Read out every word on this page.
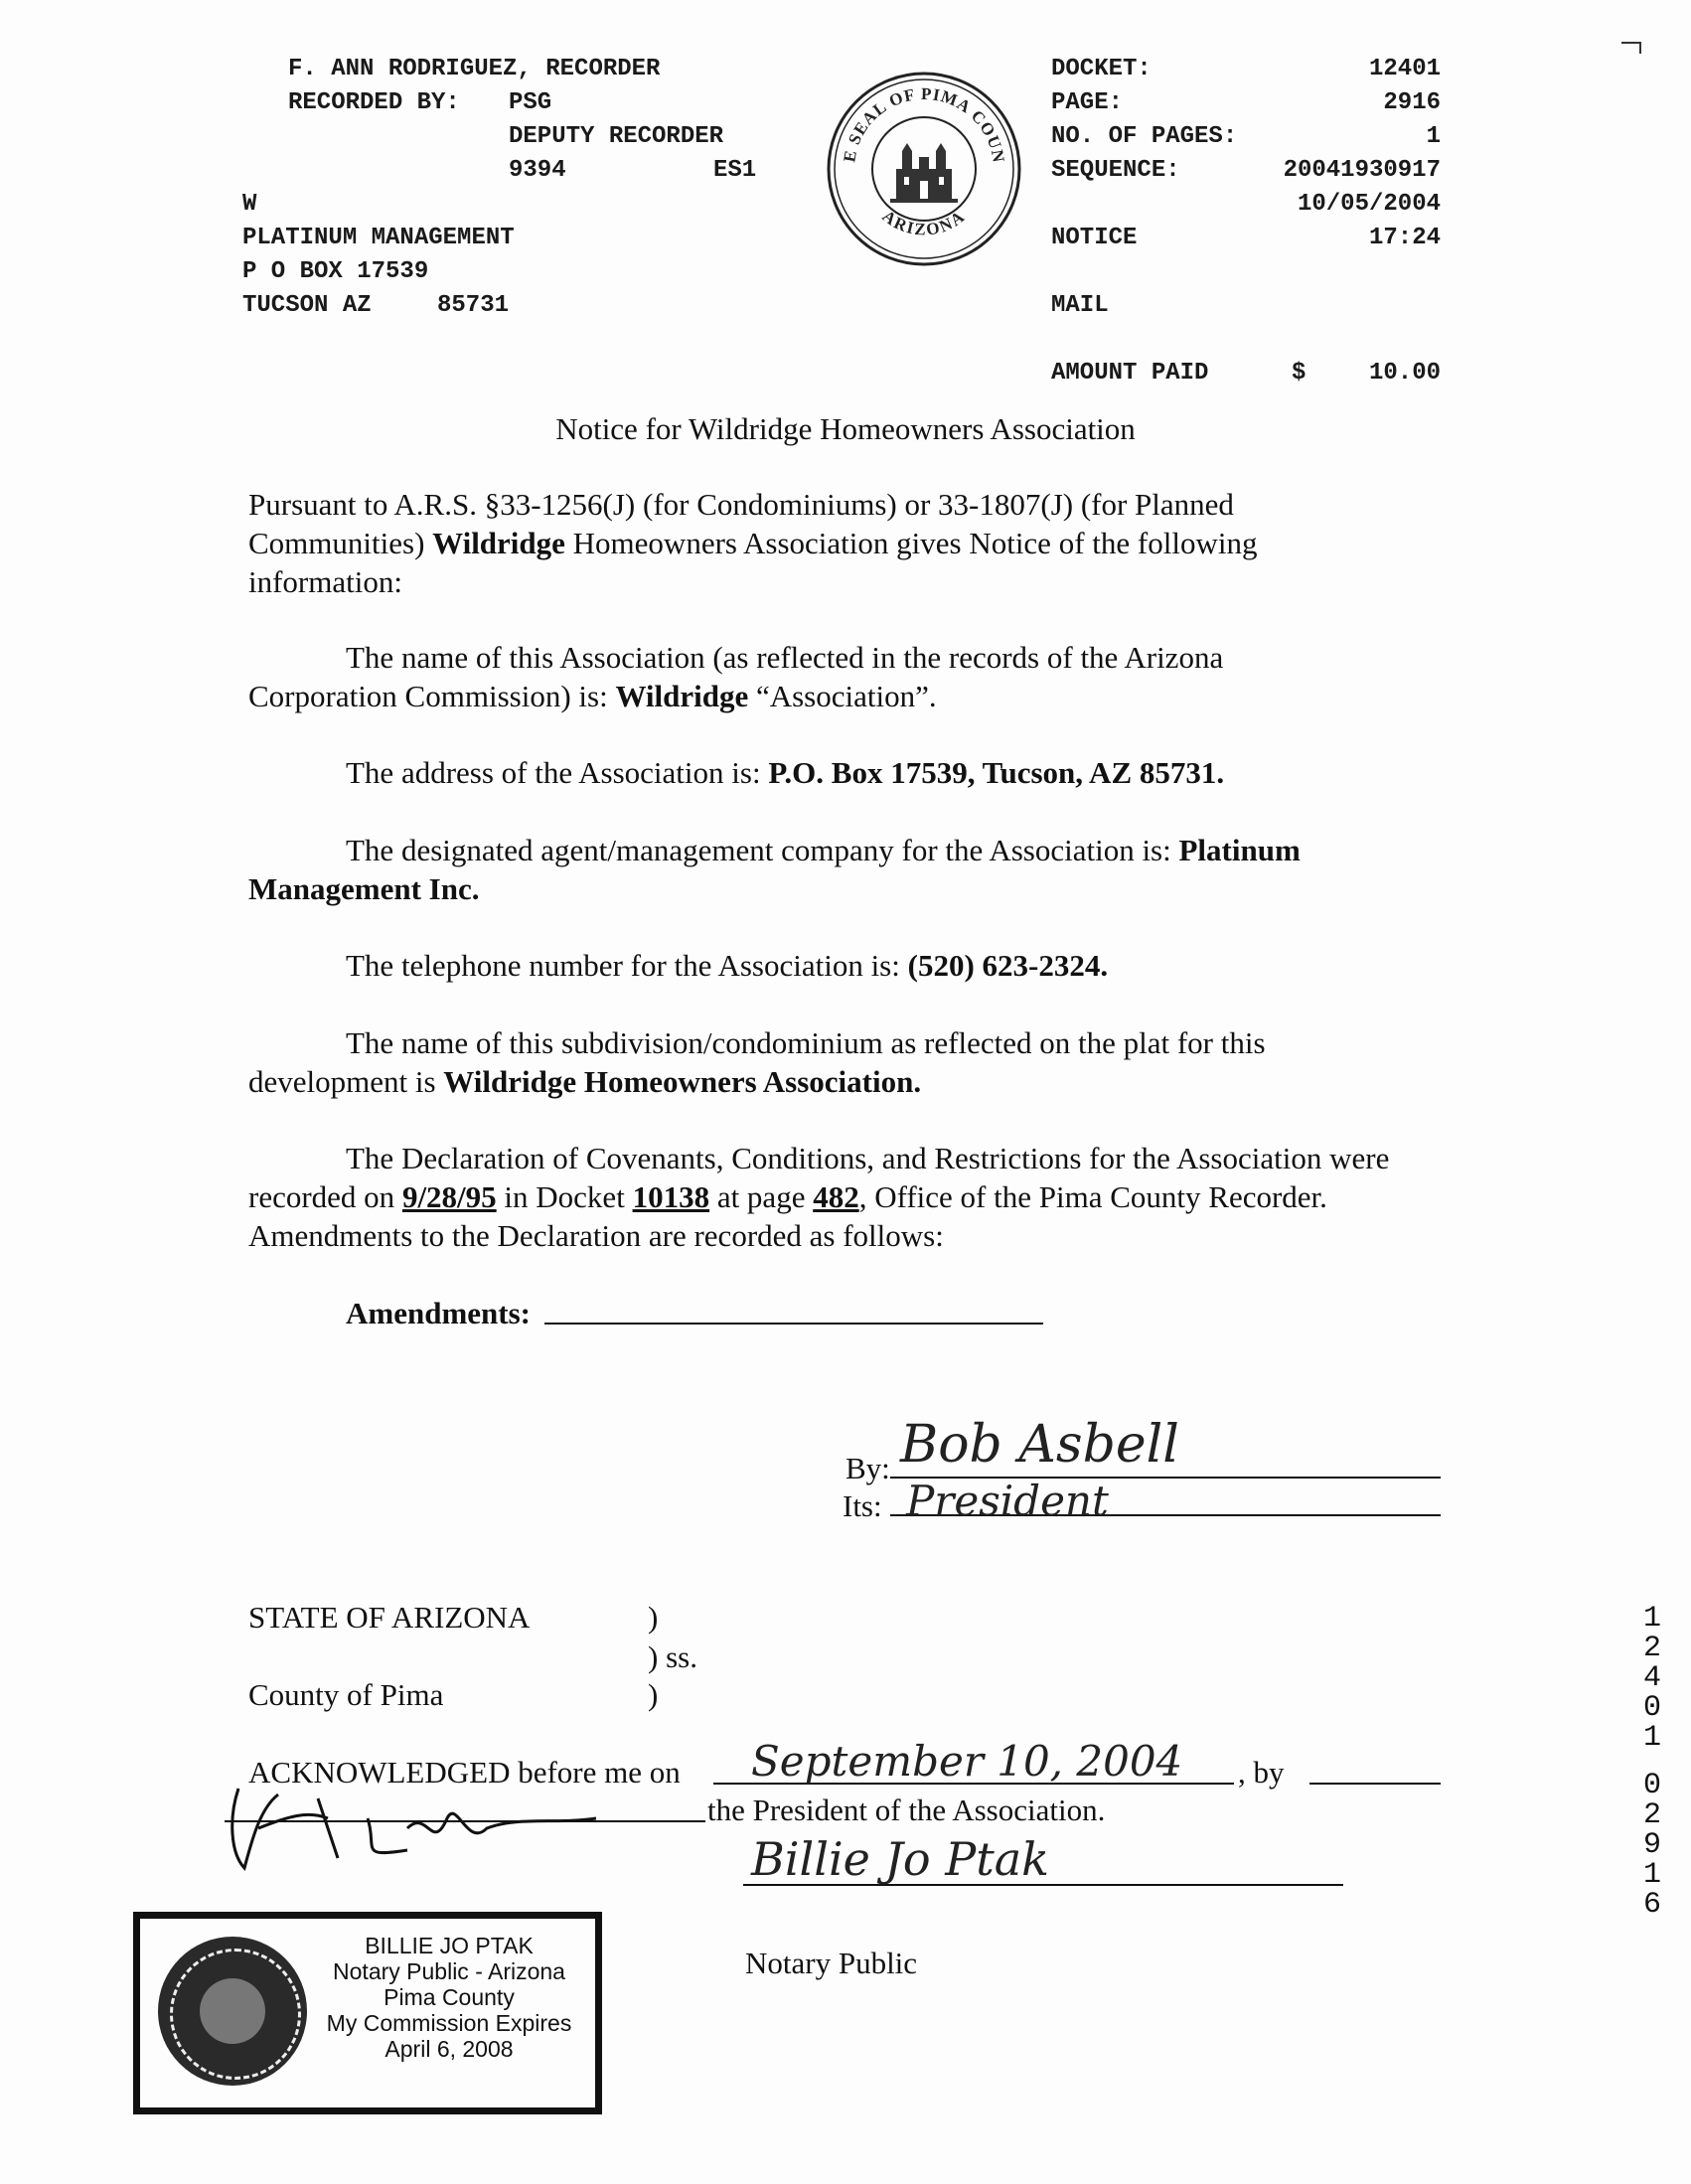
F. ANN RODRIGUEZ, RECORDER
RECORDED BY: PSG
DEPUTY RECORDER
9394	ES1
W
PLATINUM MANAGEMENT
P O BOX 17539
TUCSON AZ	85731
E SEAL OF PIMA COUN
ARIZONA
DOCKET:	12401
PAGE:	2916
NO. OF PAGES:	1
SEQUENCE:	20041930917
10/05/2004
NOTICE	17:24
MAIL
AMOUNT PAID	$	10.00
Notice for Wildridge Homeowners Association
Pursuant to A.R.S. §33-1256(J) (for Condominiums) or 33-1807(J) (for Planned Communities) Wildridge Homeowners Association gives Notice of the following information:
The name of this Association (as reflected in the records of the Arizona Corporation Commission) is: Wildridge “Association”.
The address of the Association is: P.O. Box 17539, Tucson, AZ 85731.
The designated agent/management company for the Association is: Platinum Management Inc.
The telephone number for the Association is: (520) 623-2324.
The name of this subdivision/condominium as reflected on the plat for this development is Wildridge Homeowners Association.
The Declaration of Covenants, Conditions, and Restrictions for the Association were recorded on 9/28/95 in Docket 10138 at page 482, Office of the Pima County Recorder. Amendments to the Declaration are recorded as follows:
Amendments:
By: Bob Asbell
Its: President
STATE OF ARIZONA	)
) ss.
County of Pima	)
ACKNOWLEDGED before me on September 10, 2004 , by
the President of the Association.
Billie Jo Ptak
Notary Public
BILLIE JO PTAK
Notary Public - Arizona
Pima County
My Commission Expires
April 6, 2008
12401
02916
